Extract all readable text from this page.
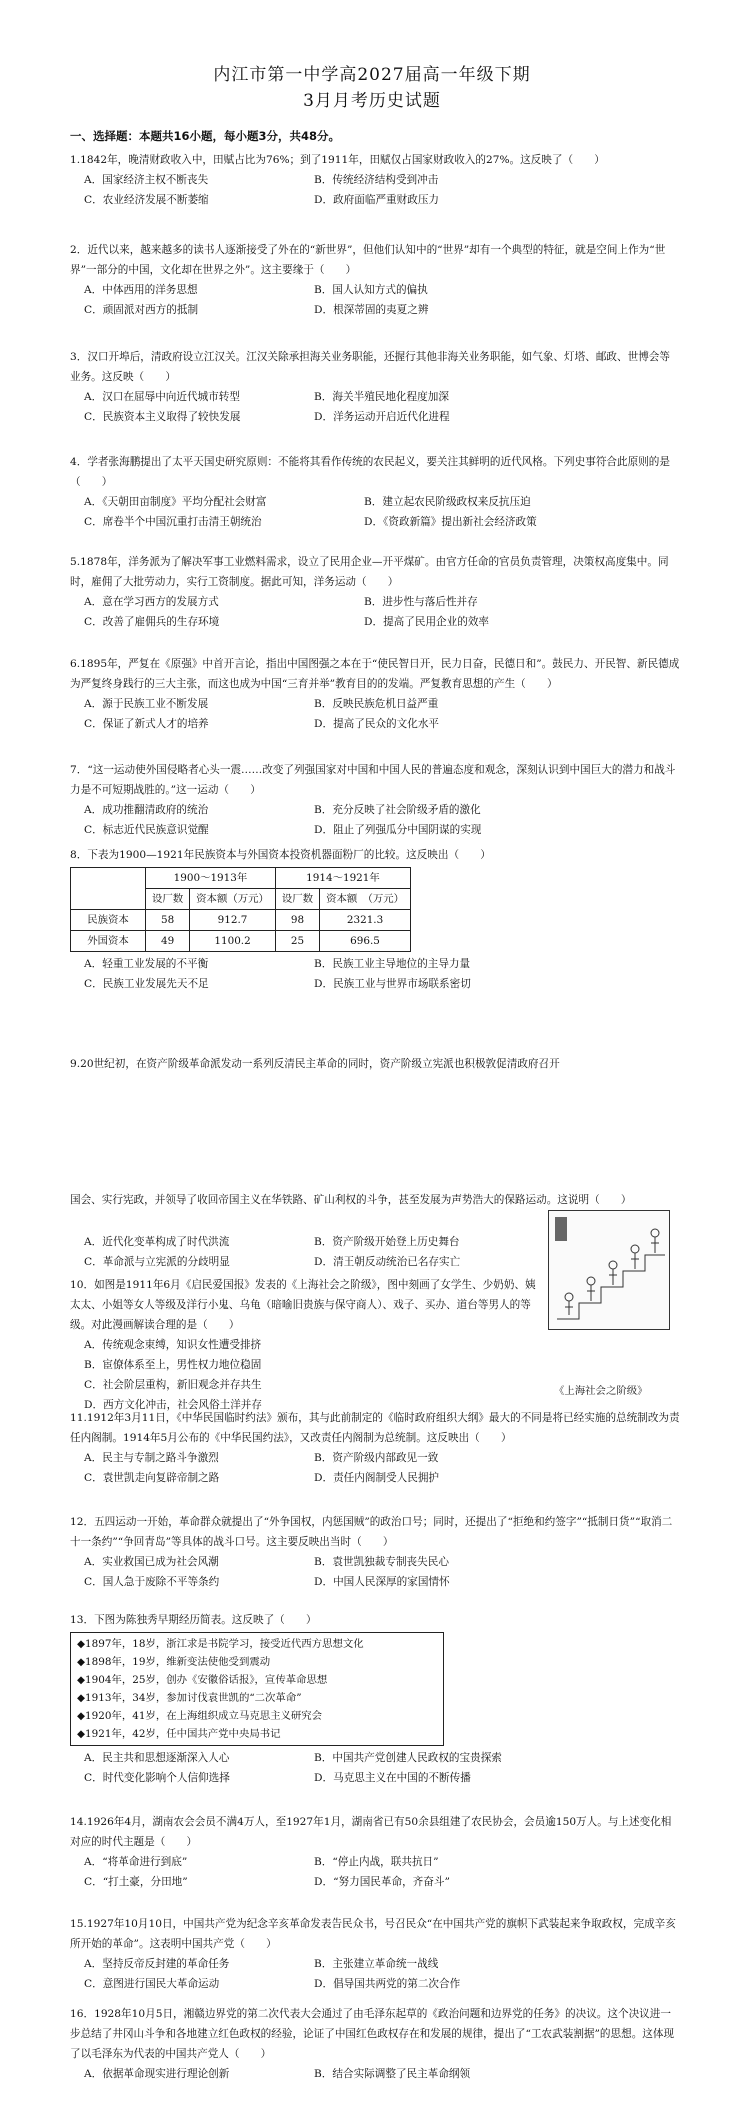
内江市第一中学高2027届高一年级下期
3月月考历史试题
一、选择题：本题共16小题，每小题3分，共48分。

1.1842年，晚清财政收入中，田赋占比为76%；到了1911年，田赋仅占国家财政收入的27%。这反映了（　　）

A．国家经济主权不断丧失	B．传统经济结构受到冲击
C．农业经济发展不断萎缩	D．政府面临严重财政压力

2．近代以来，越来越多的读书人逐渐接受了外在的“新世界”，但他们认知中的“世界”却有一个典型的特征，就是空间上作为“世界”一部分的中国，文化却在世界之外”。这主要缘于（　　）

A．中体西用的洋务思想	B．国人认知方式的偏执
C．顽固派对西方的抵制	D．根深蒂固的夷夏之辨

3．汉口开埠后，清政府设立江汉关。江汉关除承担海关业务职能，还握行其他非海关业务职能，如气象、灯塔、邮政、世博会等业务。这反映（　　）

A．汉口在屈辱中向近代城市转型	B．海关半殖民地化程度加深
C．民族资本主义取得了较快发展	D．洋务运动开启近代化进程

4．学者张海鹏提出了太平天国史研究原则：不能将其看作传统的农民起义，要关注其鲜明的近代风格。下列史事符合此原则的是（　　）

A．《天朝田亩制度》平均分配社会财富	B．建立起农民阶级政权来反抗压迫
C．席卷半个中国沉重打击清王朝统治	D．《资政新篇》提出新社会经济政策

5.1878年，洋务派为了解决军事工业燃料需求，设立了民用企业—开平煤矿。由官方任命的官员负责管理，决策权高度集中。同时，雇佣了大批劳动力，实行工资制度。据此可知，洋务运动（　　）

A．意在学习西方的发展方式	B．进步性与落后性并存
C．改善了雇佣兵的生存环境	D．提高了民用企业的效率

6.1895年，严复在《原强》中首开言论，指出中国图强之本在于“使民智日开，民力日奋，民德日和”。鼓民力、开民智、新民德成为严复终身践行的三大主张，而这也成为中国“三育并举”教育目的的发端。严复教育思想的产生（　　）

A．源于民族工业不断发展	B．反映民族危机日益严重
C．保证了新式人才的培养	D．提高了民众的文化水平

7．“这一运动使外国侵略者心头一震……改变了列强国家对中国和中国人民的普遍态度和观念，深刻认识到中国巨大的潜力和战斗力是不可短期战胜的。”这一运动（　　）

A．成功推翻清政府的统治	B．充分反映了社会阶级矛盾的激化
C．标志近代民族意识觉醒	D．阻止了列强瓜分中国阴谋的实现

8．下表为1900—1921年民族资本与外国资本投资机器面粉厂的比较。这反映出（　　）

	1900～1913年		1914～1921年	
	设厂数	资本额（万元）	设厂数	资本额　（万元）
民族资本	58	912.7	98	2321.3
外国资本	49	1100.2	25	696.5
A．轻重工业发展的不平衡	B．民族工业主导地位的主导力量
C．民族工业发展先天不足	D．民族工业与世界市场联系密切

9.20世纪初，在资产阶级革命派发动一系列反清民主革命的同时，资产阶级立宪派也积极敦促清政府召开

国会、实行宪政，并领导了收回帝国主义在华铁路、矿山利权的斗争，甚至发展为声势浩大的保路运动。这说明（　　）

A．近代化变革构成了时代洪流	B．资产阶级开始登上历史舞台
C．革命派与立宪派的分歧明显	D．清王朝反动统治已名存实亡

10．如图是1911年6月《启民爱国报》发表的《上海社会之阶级》，图中刻画了女学生、少奶奶、姨太太、小姐等女人等级及洋行小鬼、乌龟（暗喻旧贵族与保守商人）、戏子、买办、道台等男人的等级。对此漫画解读合理的是（　　）

A．传统观念束缚，知识女性遭受排挤
B．宦僚体系至上，男性权力地位稳固
C．社会阶层重构，新旧观念并存共生
D．西方文化冲击，社会风俗土洋并存
《上海社会之阶级》

11.1912年3月11日，《中华民国临时约法》颁布，其与此前制定的《临时政府组织大纲》最大的不同是将已经实施的总统制改为责任内阁制。1914年5月公布的《中华民国约法》，又改责任内阁制为总统制。这反映出（　　）

A．民主与专制之路斗争激烈	B．资产阶级内部政见一致
C．袁世凯走向复辟帝制之路	D．责任内阁制受人民拥护

12．五四运动一开始，革命群众就提出了“外争国权，内惩国贼”的政治口号；同时，还提出了“拒绝和约签字”“抵制日货”“取消二十一条约”“争回青岛”等具体的战斗口号。这主要反映出当时（　　）

A．实业救国已成为社会风潮	B．袁世凯独裁专制丧失民心
C．国人急于废除不平等条约	D．中国人民深厚的家国情怀

13．下图为陈独秀早期经历简表。这反映了（　　）

◆1897年，18岁，浙江求是书院学习，接受近代西方思想文化
◆1898年，19岁，维新变法使他受到震动
◆1904年，25岁，创办《安徽俗话报》，宣传革命思想
◆1913年，34岁，参加讨伐袁世凯的“二次革命”
◆1920年，41岁，在上海组织成立马克思主义研究会
◆1921年，42岁，任中国共产党中央局书记
A．民主共和思想逐渐深入人心	B．中国共产党创建人民政权的宝贵探索
C．时代变化影响个人信仰选择	D．马克思主义在中国的不断传播

14.1926年4月，湖南农会会员不满4万人，至1927年1月，湖南省已有50余县组建了农民协会，会员逾150万人。与上述变化相对应的时代主题是（　　）

A．“将革命进行到底”	B．“停止内战，联共抗日”
C．“打土豪，分田地”	D．“努力国民革命，齐奋斗”

15.1927年10月10日，中国共产党为纪念辛亥革命发表告民众书，号召民众“在中国共产党的旗帜下武装起来争取政权，完成辛亥所开始的革命”。这表明中国共产党（　　）

A．坚持反帝反封建的革命任务	B．主张建立革命统一战线
C．意图进行国民大革命运动	D．倡导国共两党的第二次合作

16．1928年10月5日，湘赣边界党的第二次代表大会通过了由毛泽东起草的《政治问题和边界党的任务》的决议。这个决议进一步总结了井冈山斗争和各地建立红色政权的经验，论证了中国红色政权存在和发展的规律，提出了“工农武装割据”的思想。这体现了以毛泽东为代表的中国共产党人（　　）

A．依据革命现实进行理论创新	B．结合实际调整了民主革命纲领
